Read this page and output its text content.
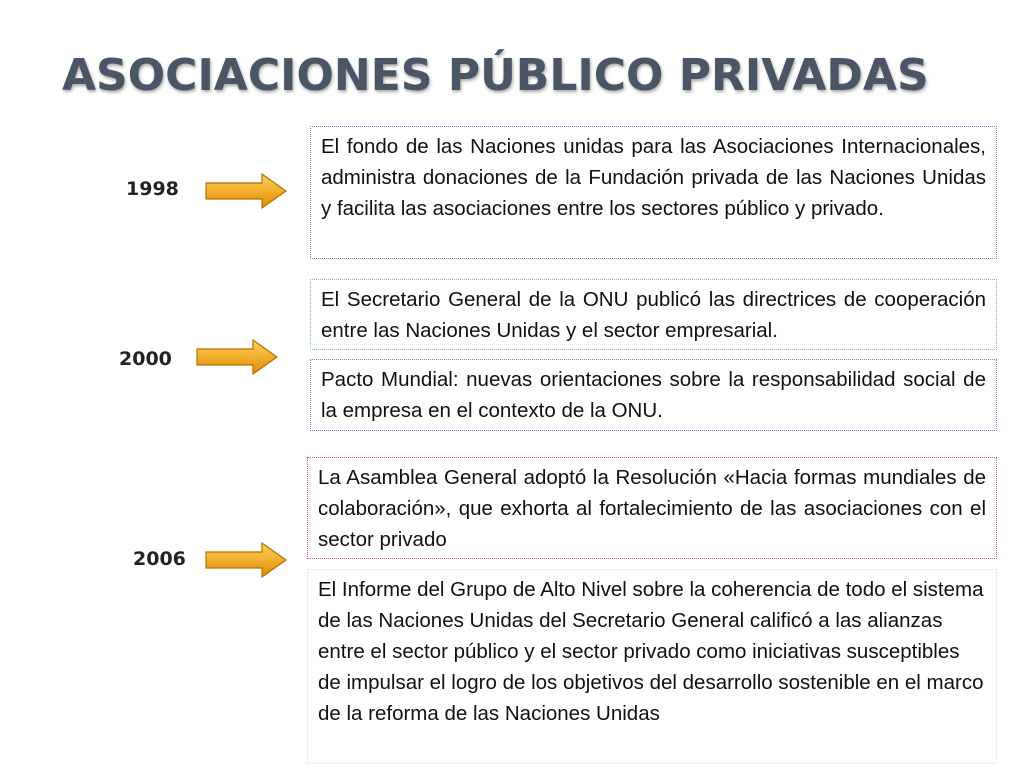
ASOCIACIONES PÚBLICO PRIVADAS
1998
El fondo de las Naciones unidas para las Asociaciones Internacionales, administra donaciones de la Fundación privada de las Naciones Unidas y facilita las asociaciones entre los sectores público y privado.
2000
El Secretario General de la ONU publicó las directrices de cooperación entre las Naciones Unidas y el sector empresarial.
Pacto Mundial: nuevas orientaciones sobre la responsabilidad social de la empresa en el contexto de la ONU.
2006
La Asamblea General adoptó la Resolución «Hacia formas mundiales de colaboración», que exhorta al fortalecimiento de las asociaciones con el sector privado
El Informe del Grupo de Alto Nivel sobre la coherencia de todo el sistema de las Naciones Unidas del Secretario General calificó a las alianzas entre el sector público y el sector privado como iniciativas susceptibles de impulsar el logro de los objetivos del desarrollo sostenible en el marco de la reforma de las Naciones Unidas
